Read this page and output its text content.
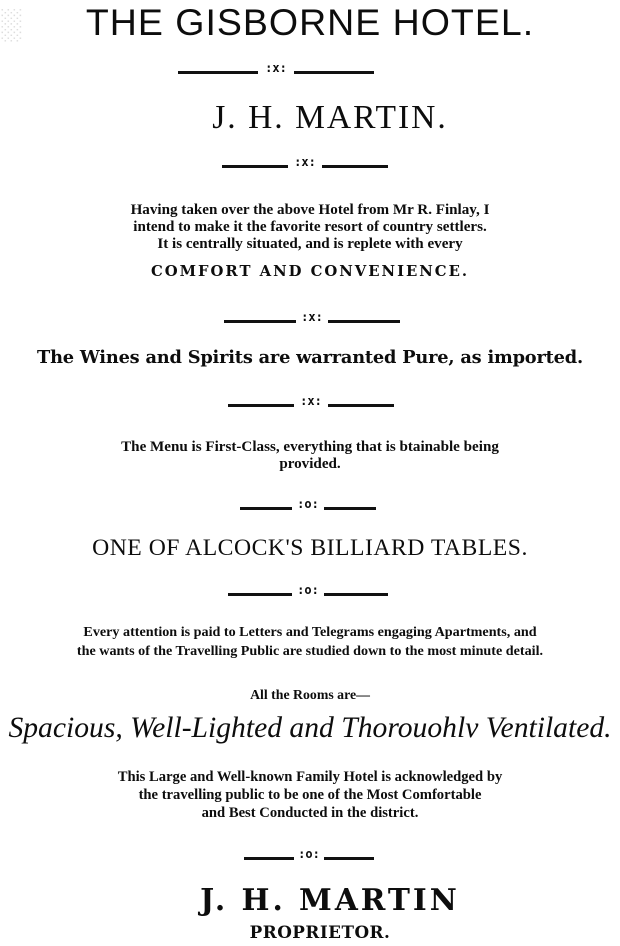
░	THE GISBORNE HOTEL.
:x:
J. H. MARTIN.
:x:
Having taken over the above Hotel from Mr R. Finlay, I
intend to make it the favorite resort of country settlers.
It is centrally situated, and is replete with every
COMFORT AND CONVENIENCE.
:x:
The Wines and Spirits are warranted Pure, as imported.
:x:
The Menu is First-Class, everything that is btainable being
provided.
:o:
ONE OF ALCOCK'S BILLIARD TABLES.
:o:
Every attention is paid to Letters and Telegrams engaging Apartments, and
the wants of the Travelling Public are studied down to the most minute detail.
All the Rooms are—
Spacious, Well-Lighted and Thorouohlv Ventilated.
This Large and Well-known Family Hotel is acknowledged by
the travelling public to be one of the Most Comfortable
and Best Conducted in the district.
:o:
J. H. MARTIN
PROPRIETOR.
